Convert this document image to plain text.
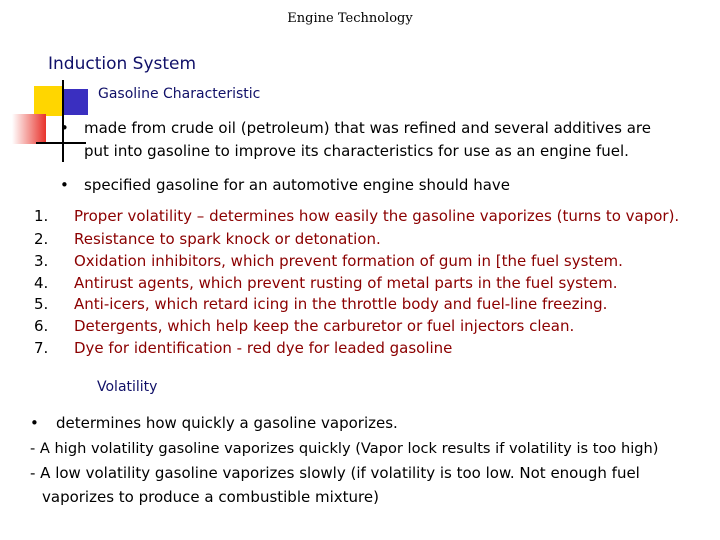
Engine Technology
Induction System
Gasoline Characteristic
• made from crude oil (petroleum) that was refined and several additives are
put into gasoline to improve its characteristics for use as an engine fuel.
• specified gasoline for an automotive engine should have
1. Proper volatility – determines how easily the gasoline vaporizes (turns to vapor).
2. Resistance to spark knock or detonation.
3. Oxidation inhibitors, which prevent formation of gum in [the fuel system.
4. Antirust agents, which prevent rusting of metal parts in the fuel system.
5. Anti-icers, which retard icing in the throttle body and fuel-line freezing.
6. Detergents, which help keep the carburetor or fuel injectors clean.
7. Dye for identification - red dye for leaded gasoline
Volatility
• determines how quickly a gasoline vaporizes.
- A high volatility gasoline vaporizes quickly (Vapor lock results if volatility is too high)
- A low volatility gasoline vaporizes slowly (if volatility is too low. Not enough fuel
vaporizes to produce a combustible mixture)
